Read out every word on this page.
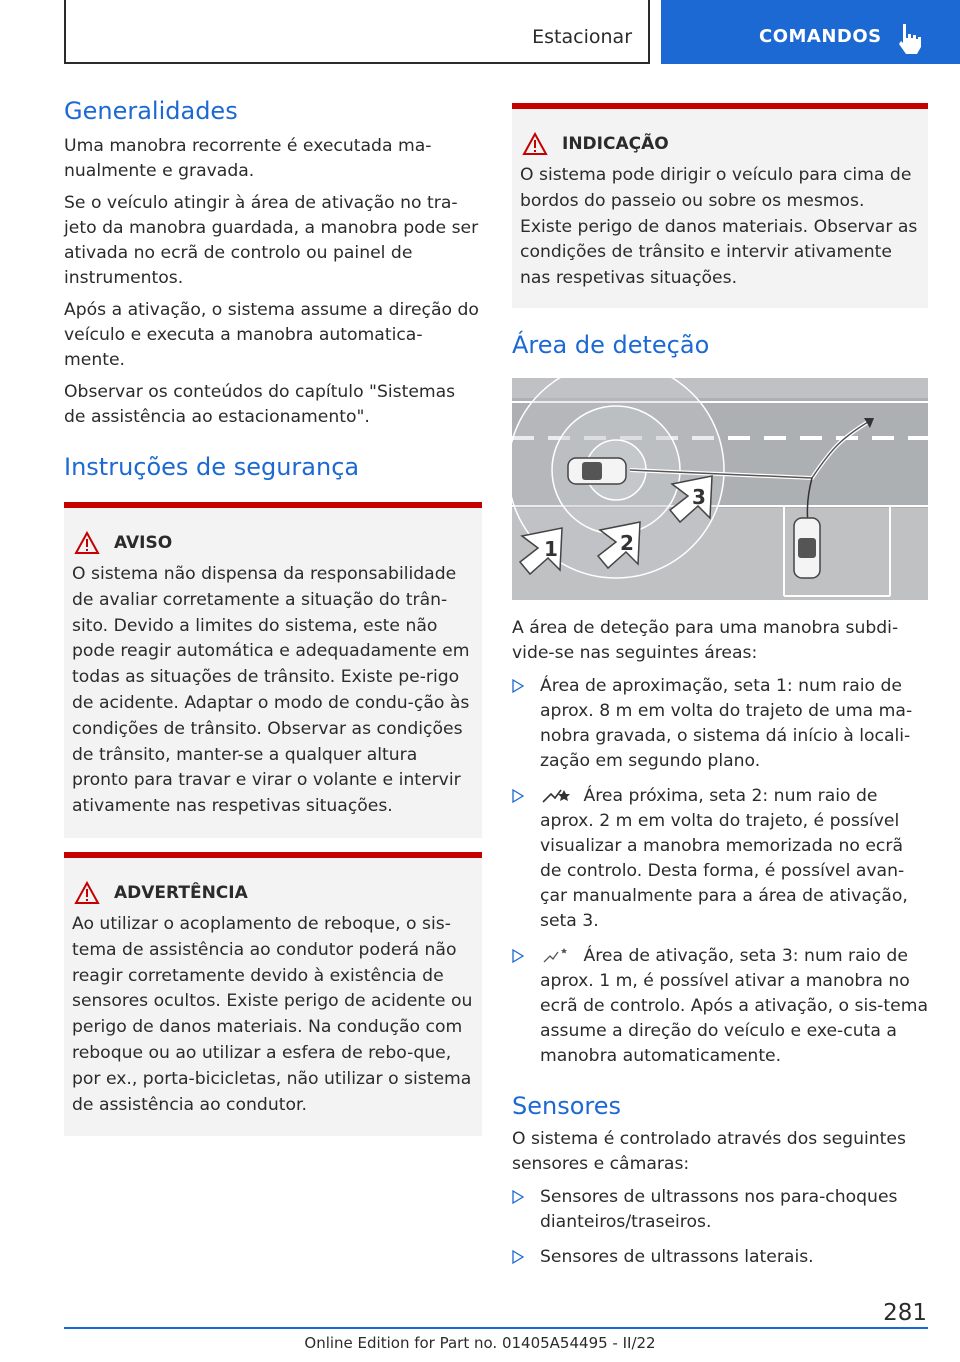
Estacionar	COMANDOS
Generalidades

Uma manobra recorrente é executada ma-nualmente e gravada.

Se o veículo atingir à área de ativação no tra-jeto da manobra guardada, a manobra pode ser ativada no ecrã de controlo ou painel de instrumentos.

Após a ativação, o sistema assume a direção do veículo e executa a manobra automatica-mente.

Observar os conteúdos do capítulo "Sistemas de assistência ao estacionamento".

Instruções de segurança
AVISO

O sistema não dispensa da responsabilidade de avaliar corretamente a situação do trân-sito. Devido a limites do sistema, este não pode reagir automática e adequadamente em todas as situações de trânsito. Existe pe-rigo de acidente. Adaptar o modo de condu-ção às condições de trânsito. Observar as condições de trânsito, manter-se a qualquer altura pronto para travar e virar o volante e intervir ativamente nas respetivas situações.

ADVERTÊNCIA

Ao utilizar o acoplamento de reboque, o sis-tema de assistência ao condutor poderá não reagir corretamente devido à existência de sensores ocultos. Existe perigo de acidente ou perigo de danos materiais. Na condução com reboque ou ao utilizar a esfera de rebo-que, por ex., porta-bicicletas, não utilizar o sistema de assistência ao condutor.

INDICAÇÃO

O sistema pode dirigir o veículo para cima de bordos do passeio ou sobre os mesmos. Existe perigo de danos materiais. Observar as condições de trânsito e intervir ativamente nas respetivas situações.

Área de deteção
1	2
3

A área de deteção para uma manobra subdi-vide-se nas seguintes áreas:

Área de aproximação, seta 1: num raio de aprox. 8 m em volta do trajeto de uma ma-nobra gravada, o sistema dá início à locali-zação em segundo plano.
Área próxima, seta 2: num raio de aprox. 2 m em volta do trajeto, é possível visualizar a manobra memorizada no ecrã de controlo. Desta forma, é possível avan-çar manualmente para a área de ativação, seta 3.
Área de ativação, seta 3: num raio de aprox. 1 m, é possível ativar a manobra no ecrã de controlo. Após a ativação, o sis-tema assume a direção do veículo e exe-cuta a manobra automaticamente.
Sensores

O sistema é controlado através dos seguintes sensores e câmaras:

Sensores de ultrassons nos para-choques dianteiros/traseiros.
Sensores de ultrassons laterais.
281
Online Edition for Part no. 01405A54495 - II/22
